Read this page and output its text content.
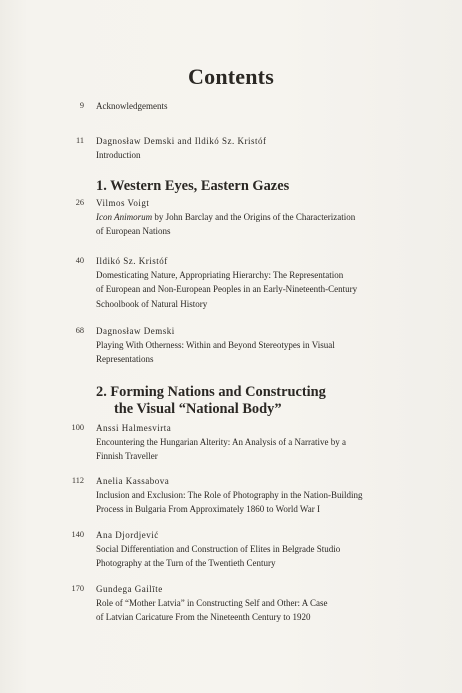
Contents
9 Acknowledgements
11 Dagnosław Demski and Ildikó Sz. Kristóf
Introduction
1. Western Eyes, Eastern Gazes
26 Vilmos Voigt
Icon Animorum by John Barclay and the Origins of the Characterization
of European Nations
40 Ildikó Sz. Kristóf
Domesticating Nature, Appropriating Hierarchy: The Representation
of European and Non-European Peoples in an Early-Nineteenth-Century
Schoolbook of Natural History
68 Dagnosław Demski
Playing With Otherness: Within and Beyond Stereotypes in Visual
Representations
2. Forming Nations and Constructing
the Visual “National Body”
100 Anssi Halmesvirta
Encountering the Hungarian Alterity: An Analysis of a Narrative by a
Finnish Traveller
112 Anelia Kassabova
Inclusion and Exclusion: The Role of Photography in the Nation-Building
Process in Bulgaria From Approximately 1860 to World War I
140 Ana Djordjević
Social Differentiation and Construction of Elites in Belgrade Studio
Photography at the Turn of the Twentieth Century
170 Gundega Gailīte
Role of “Mother Latvia” in Constructing Self and Other: A Case
of Latvian Caricature From the Nineteenth Century to 1920
